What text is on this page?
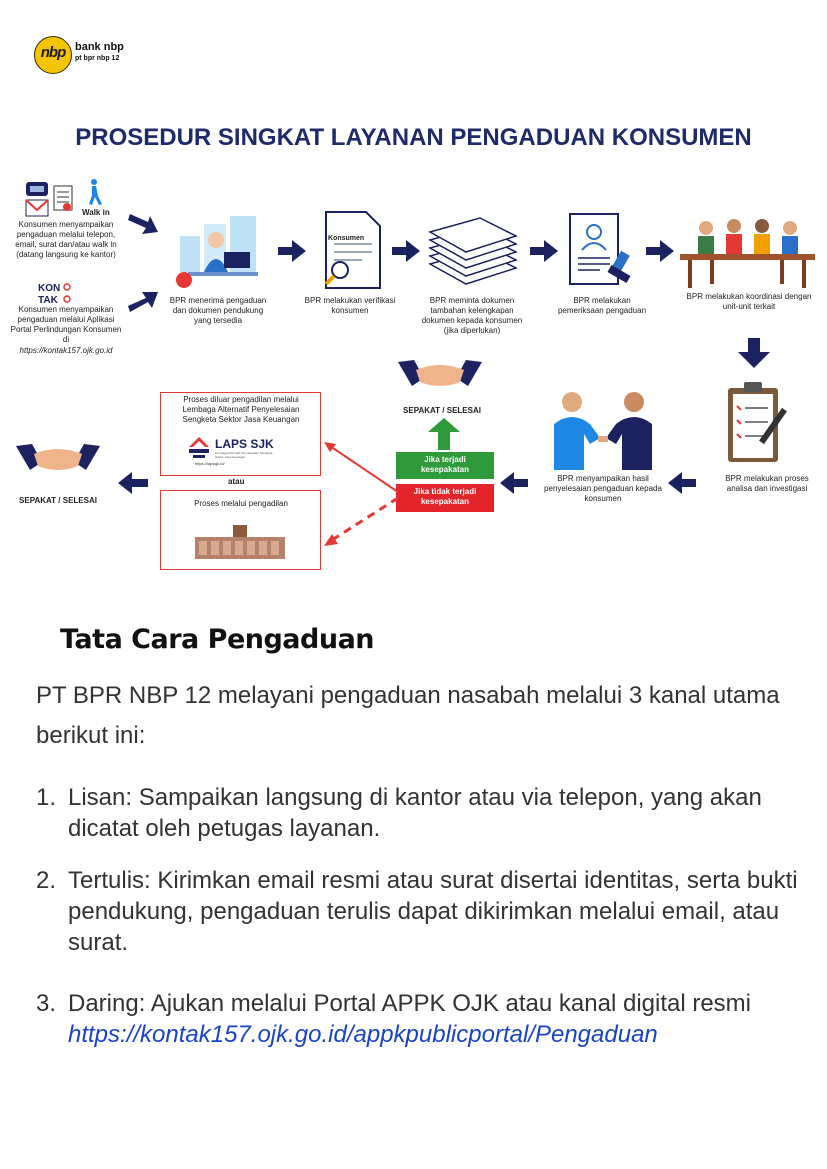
nbp bank nbp
pt bpr nbp 12
PROSEDUR SINGKAT LAYANAN PENGADUAN KONSUMEN
Walk in
Konsumen menyampaikan pengaduan melalui telepon, email, surat dan/atau walk in (datang langsung ke kantor)
KON
TAK
Konsumen menyampaikan pengaduan melalui Aplikasi Portal Perlindungan Konsumen di
https://kontak157.ojk.go.id
BPR menerima pengaduan dan dokumen pendukung yang tersedia
Konsumen
BPR melakukan verifikasi konsumen
BPR meminta dokumen tambahan kelengkapan dokumen kepada konsumen (jika diperlukan)
BPR melakukan pemeriksaan pengaduan
BPR melakukan koordinasi dengan unit-unit terkait
BPR melakukan proses analisa dan investigasi
BPR menyampaikan hasil penyelesaian pengaduan kepada konsumen
SEPAKAT / SELESAI
Jika terjadi kesepakatan
Jika tidak terjadi kesepakatan
Proses diluar pengadilan melalui Lembaga Alternatif Penyelesaian Sengketa Sektor Jasa Keuangan
LAPS SJK
Lembaga Alternatif Penyelesaian Sengketa Sektor Jasa Keuangan
https://lapssjk.id/
atau
Proses melalui pengadilan
SEPAKAT / SELESAI
Tata Cara Pengaduan
PT BPR NBP 12 melayani pengaduan nasabah melalui 3 kanal utama berikut ini:
1. Lisan: Sampaikan langsung di kantor atau via telepon, yang akan dicatat oleh petugas layanan.
2. Tertulis: Kirimkan email resmi atau surat disertai identitas, serta bukti pendukung, pengaduan terulis dapat dikirimkan melalui email, atau surat.
3. Daring: Ajukan melalui Portal APPK OJK atau kanal digital resmi https://kontak157.ojk.go.id/appkpublicportal/Pengaduan
